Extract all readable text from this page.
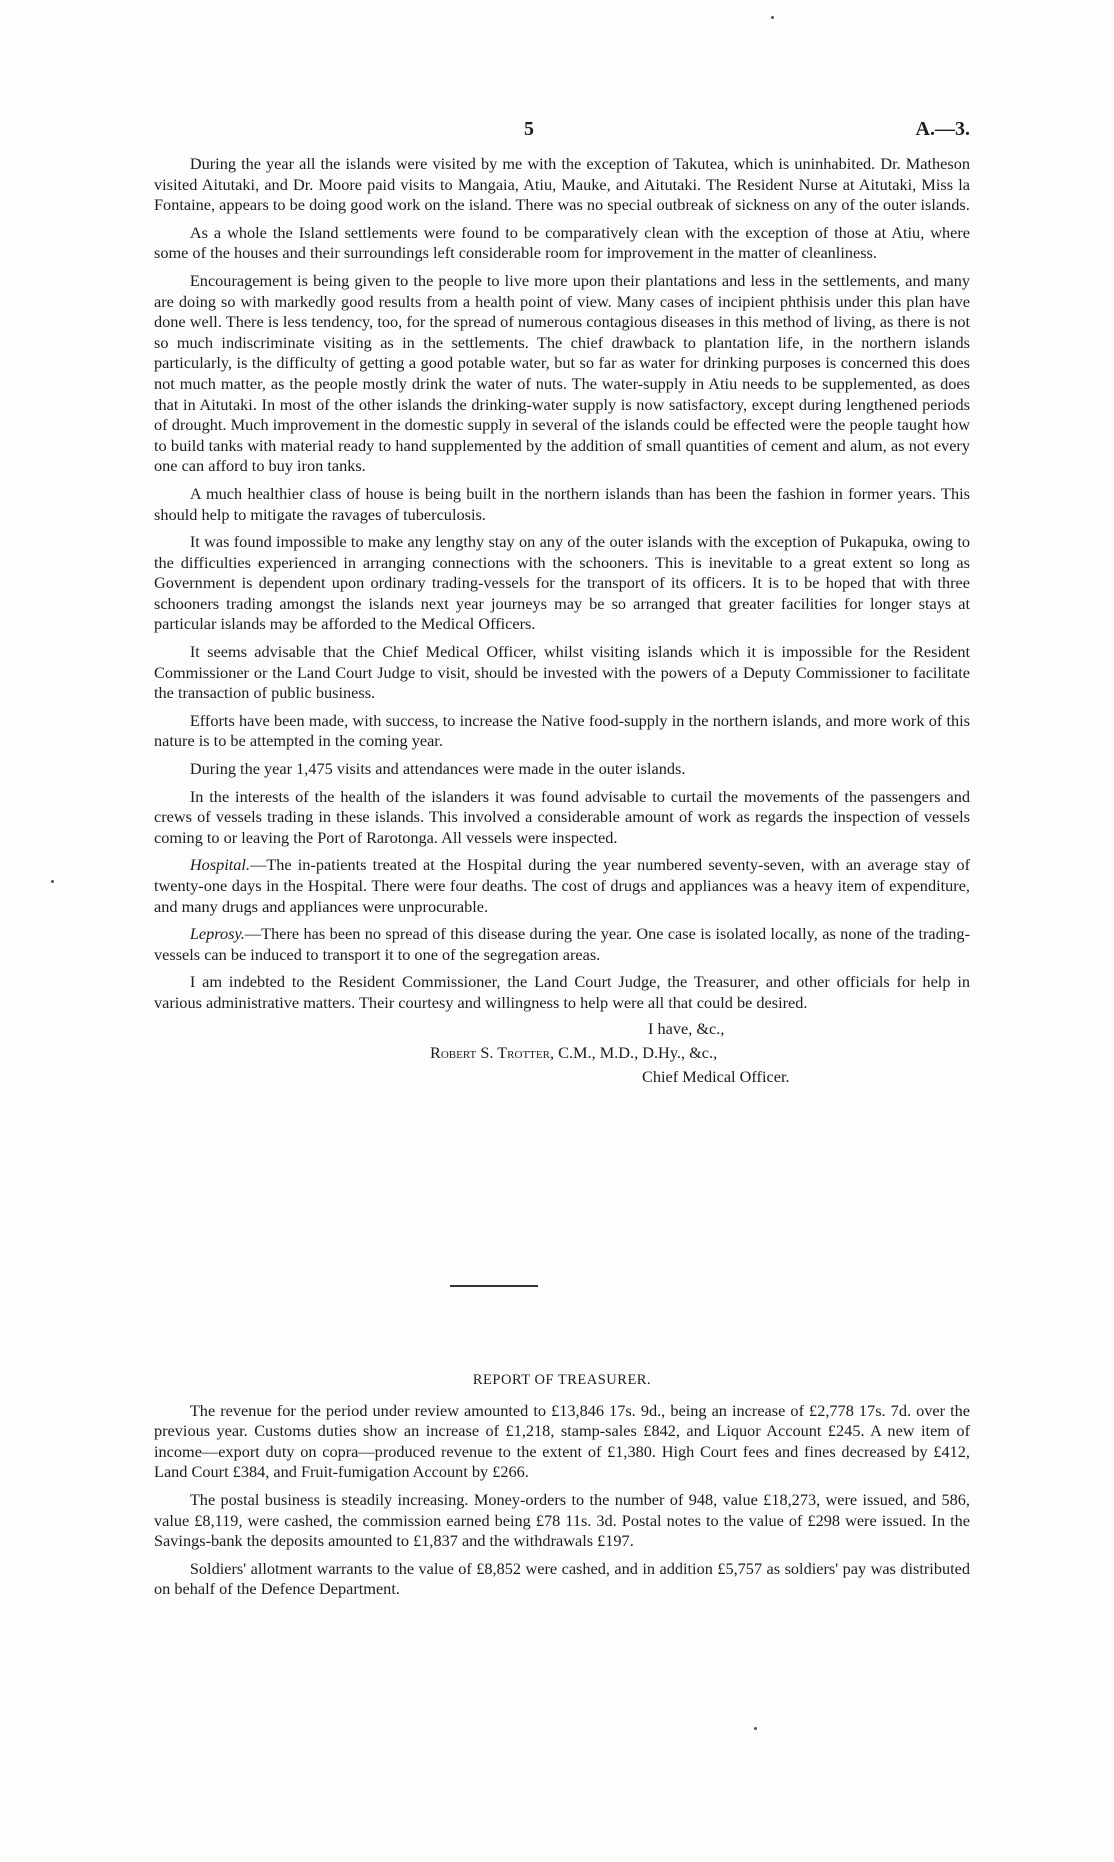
5	A.—3.

During the year all the islands were visited by me with the exception of Takutea, which is uninhabited. Dr. Matheson visited Aitutaki, and Dr. Moore paid visits to Mangaia, Atiu, Mauke, and Aitutaki. The Resident Nurse at Aitutaki, Miss la Fontaine, appears to be doing good work on the island. There was no special outbreak of sickness on any of the outer islands.

As a whole the Island settlements were found to be comparatively clean with the exception of those at Atiu, where some of the houses and their surroundings left considerable room for improvement in the matter of cleanliness.

Encouragement is being given to the people to live more upon their plantations and less in the settlements, and many are doing so with markedly good results from a health point of view. Many cases of incipient phthisis under this plan have done well. There is less tendency, too, for the spread of numerous contagious diseases in this method of living, as there is not so much indiscriminate visiting as in the settlements. The chief drawback to plantation life, in the northern islands particularly, is the difficulty of getting a good potable water, but so far as water for drinking purposes is concerned this does not much matter, as the people mostly drink the water of nuts. The water-supply in Atiu needs to be supplemented, as does that in Aitutaki. In most of the other islands the drinking-water supply is now satisfactory, except during lengthened periods of drought. Much improvement in the domestic supply in several of the islands could be effected were the people taught how to build tanks with material ready to hand supplemented by the addition of small quantities of cement and alum, as not every one can afford to buy iron tanks.

A much healthier class of house is being built in the northern islands than has been the fashion in former years. This should help to mitigate the ravages of tuberculosis.

It was found impossible to make any lengthy stay on any of the outer islands with the exception of Pukapuka, owing to the difficulties experienced in arranging connections with the schooners. This is inevitable to a great extent so long as Government is dependent upon ordinary trading-vessels for the transport of its officers. It is to be hoped that with three schooners trading amongst the islands next year journeys may be so arranged that greater facilities for longer stays at particular islands may be afforded to the Medical Officers.

It seems advisable that the Chief Medical Officer, whilst visiting islands which it is impossible for the Resident Commissioner or the Land Court Judge to visit, should be invested with the powers of a Deputy Commissioner to facilitate the transaction of public business.

Efforts have been made, with success, to increase the Native food-supply in the northern islands, and more work of this nature is to be attempted in the coming year.

During the year 1,475 visits and attendances were made in the outer islands.

In the interests of the health of the islanders it was found advisable to curtail the movements of the passengers and crews of vessels trading in these islands. This involved a considerable amount of work as regards the inspection of vessels coming to or leaving the Port of Rarotonga. All vessels were inspected.

Hospital.—The in-patients treated at the Hospital during the year numbered seventy-seven, with an average stay of twenty-one days in the Hospital. There were four deaths. The cost of drugs and appliances was a heavy item of expenditure, and many drugs and appliances were unprocurable.

Leprosy.—There has been no spread of this disease during the year. One case is isolated locally, as none of the trading-vessels can be induced to transport it to one of the segregation areas.

I am indebted to the Resident Commissioner, the Land Court Judge, the Treasurer, and other officials for help in various administrative matters. Their courtesy and willingness to help were all that could be desired.

I have, &c.,
Robert S. Trotter, C.M., M.D., D.Hy., &c.,
Chief Medical Officer.

REPORT OF TREASURER.

The revenue for the period under review amounted to £13,846 17s. 9d., being an increase of £2,778 17s. 7d. over the previous year. Customs duties show an increase of £1,218, stamp-sales £842, and Liquor Account £245. A new item of income—export duty on copra—produced revenue to the extent of £1,380. High Court fees and fines decreased by £412, Land Court £384, and Fruit-fumigation Account by £266.

The postal business is steadily increasing. Money-orders to the number of 948, value £18,273, were issued, and 586, value £8,119, were cashed, the commission earned being £78 11s. 3d. Postal notes to the value of £298 were issued. In the Savings-bank the deposits amounted to £1,837 and the withdrawals £197.

Soldiers' allotment warrants to the value of £8,852 were cashed, and in addition £5,757 as soldiers' pay was distributed on behalf of the Defence Department.
